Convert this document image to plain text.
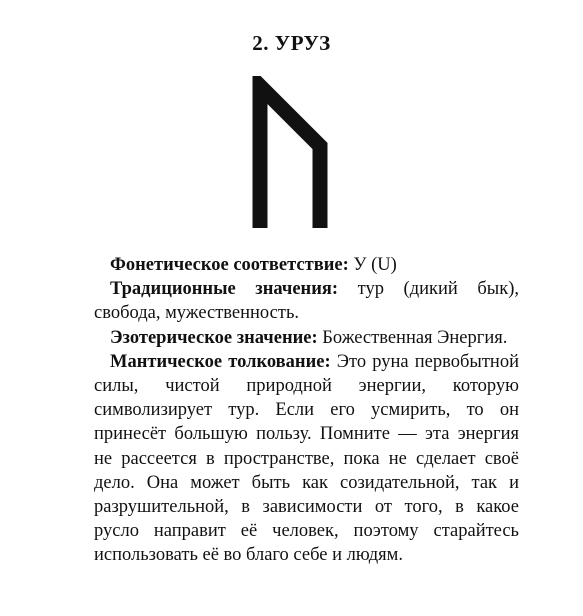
2. УРУЗ

Фонетическое соответствие: У (U)

Традиционные значения: тур (дикий бык), свобода, мужественность.

Эзотерическое значение: Божественная Энергия.

Мантическое толкование: Это руна первобытной силы, чистой природной энергии, которую символизирует тур. Если его усмирить, то он принесёт большую пользу. Помните — эта энергия не рассеется в пространстве, пока не сделает своё дело. Она может быть как созидательной, так и разрушительной, в зависимости от того, в какое русло направит её человек, поэтому старайтесь использовать её во благо себе и людям.
